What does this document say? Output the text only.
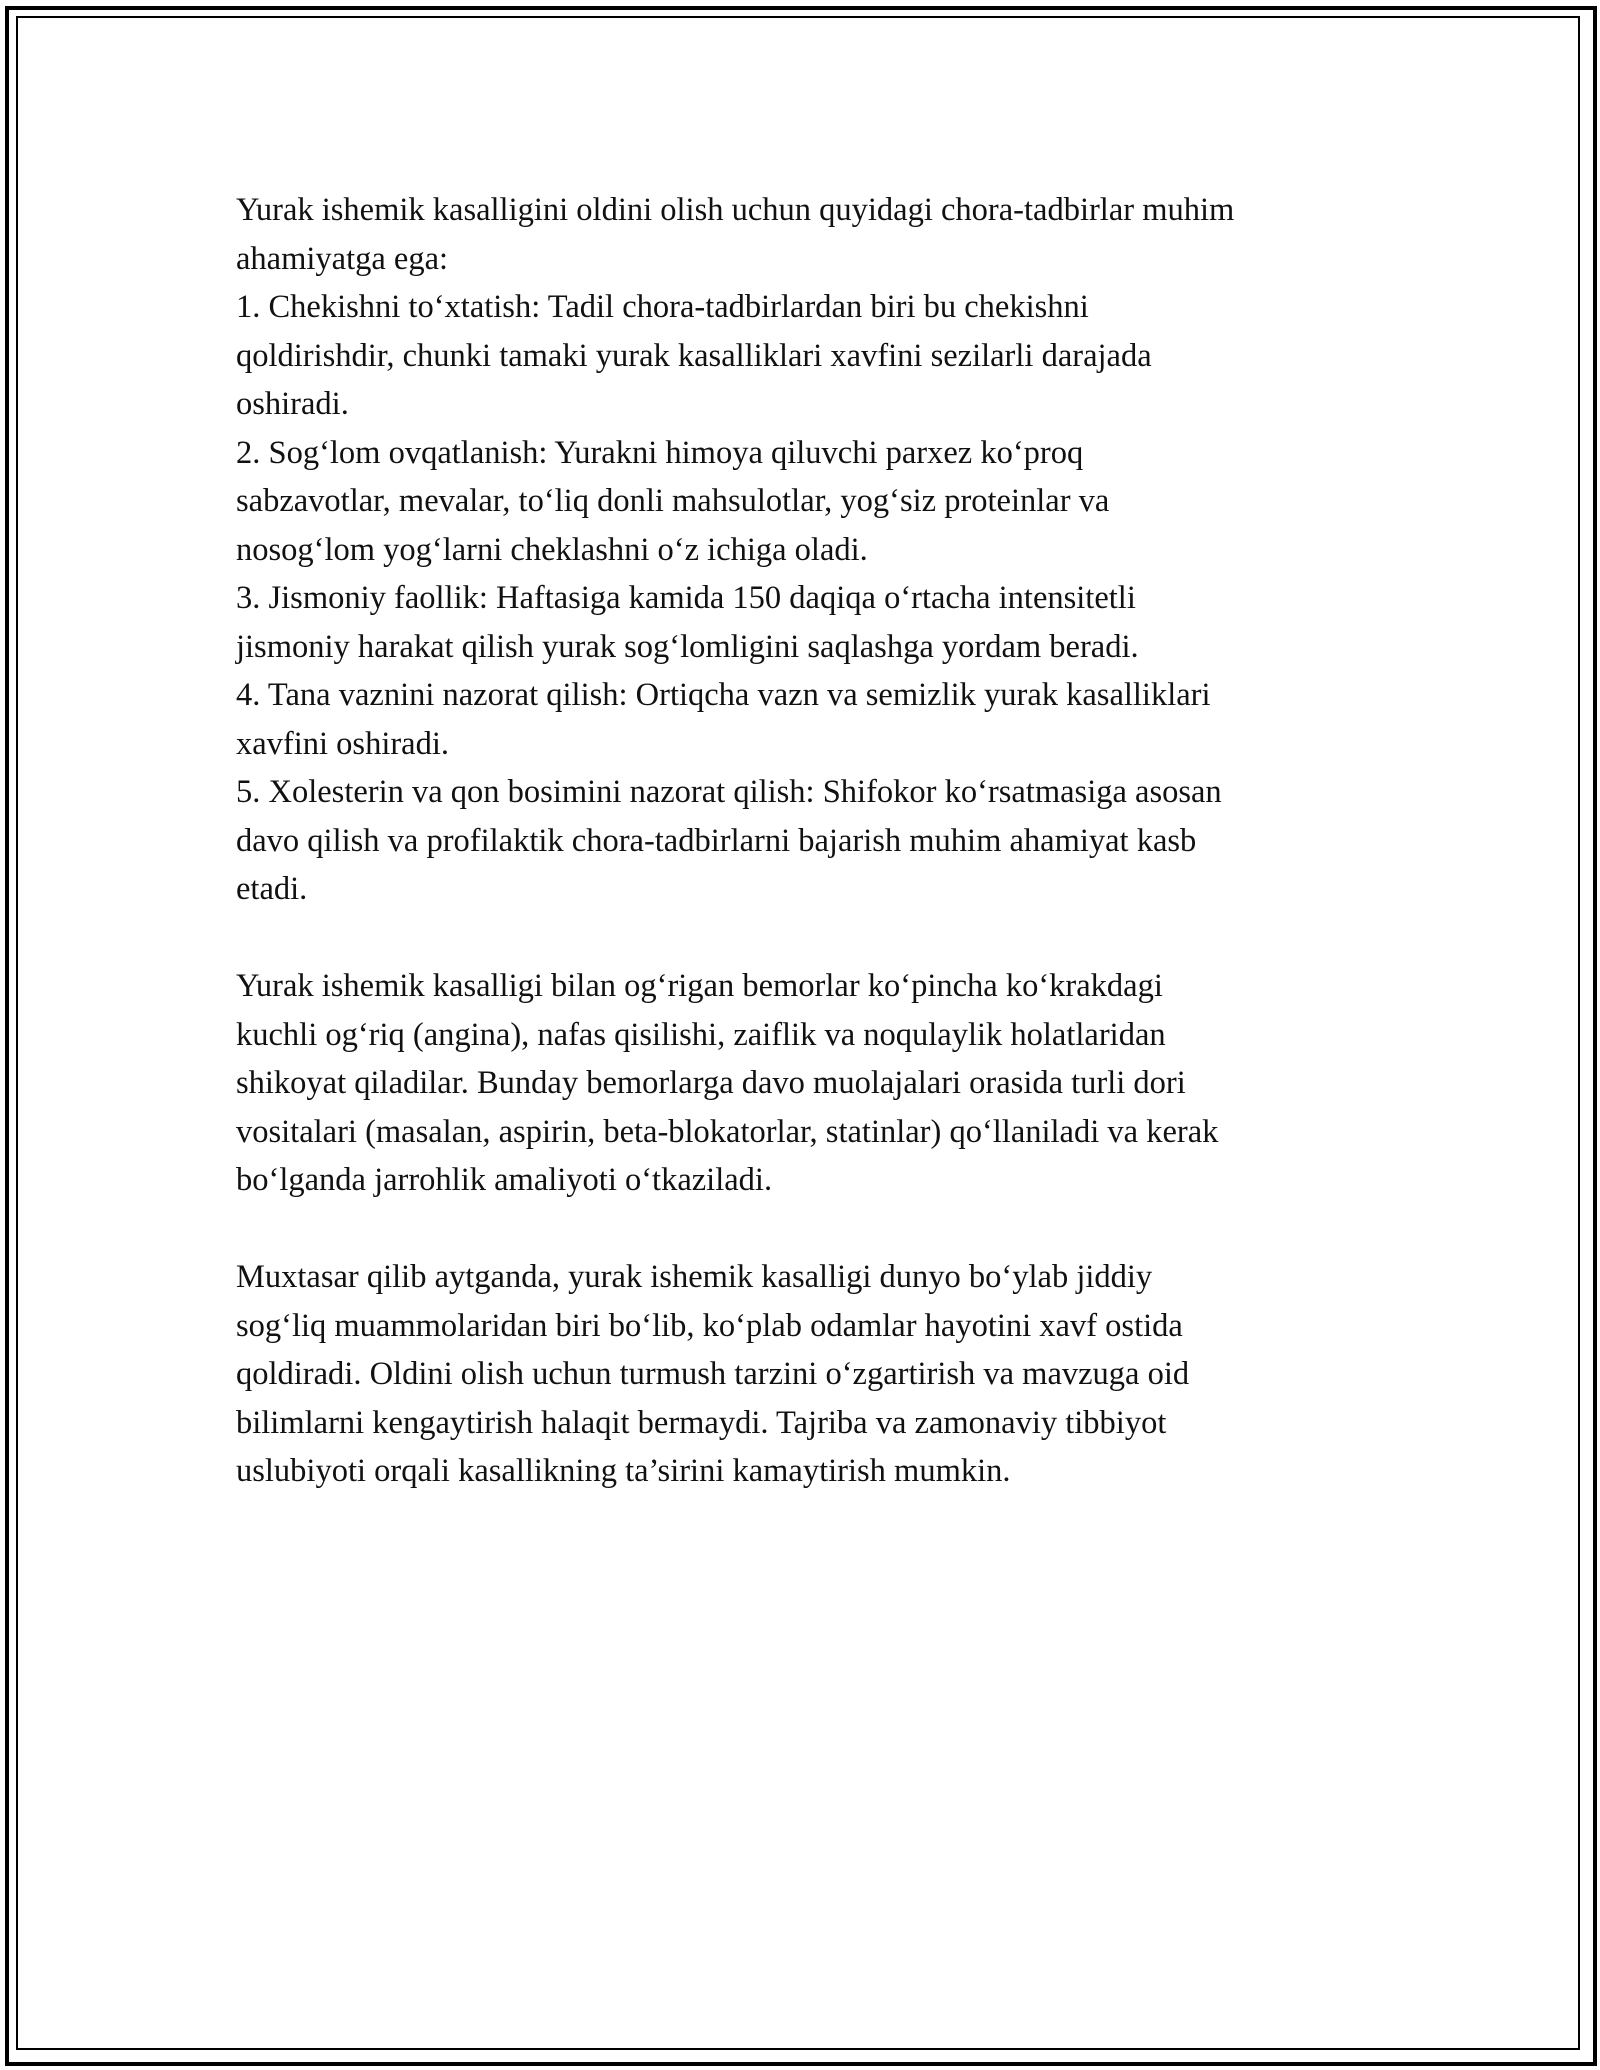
Yurak ishemik kasalligini oldini olish uchun quyidagi chora-tadbirlar muhim
ahamiyatga ega:
1. Chekishni to‘xtatish: Tadil chora-tadbirlardan biri bu chekishni
qoldirishdir, chunki tamaki yurak kasalliklari xavfini sezilarli darajada
oshiradi.
2. Sog‘lom ovqatlanish: Yurakni himoya qiluvchi parxez ko‘proq
sabzavotlar, mevalar, to‘liq donli mahsulotlar, yog‘siz proteinlar va
nosog‘lom yog‘larni cheklashni o‘z ichiga oladi.
3. Jismoniy faollik: Haftasiga kamida 150 daqiqa o‘rtacha intensitetli
jismoniy harakat qilish yurak sog‘lomligini saqlashga yordam beradi.
4. Tana vaznini nazorat qilish: Ortiqcha vazn va semizlik yurak kasalliklari
xavfini oshiradi.
5. Xolesterin va qon bosimini nazorat qilish: Shifokor ko‘rsatmasiga asosan
davo qilish va profilaktik chora-tadbirlarni bajarish muhim ahamiyat kasb
etadi.
Yurak ishemik kasalligi bilan og‘rigan bemorlar ko‘pincha ko‘krakdagi
kuchli og‘riq (angina), nafas qisilishi, zaiflik va noqulaylik holatlaridan
shikoyat qiladilar. Bunday bemorlarga davo muolajalari orasida turli dori
vositalari (masalan, aspirin, beta-blokatorlar, statinlar) qo‘llaniladi va kerak
bo‘lganda jarrohlik amaliyoti o‘tkaziladi.
Muxtasar qilib aytganda, yurak ishemik kasalligi dunyo bo‘ylab jiddiy
sog‘liq muammolaridan biri bo‘lib, ko‘plab odamlar hayotini xavf ostida
qoldiradi. Oldini olish uchun turmush tarzini o‘zgartirish va mavzuga oid
bilimlarni kengaytirish halaqit bermaydi. Tajriba va zamonaviy tibbiyot
uslubiyoti orqali kasallikning ta’sirini kamaytirish mumkin.
